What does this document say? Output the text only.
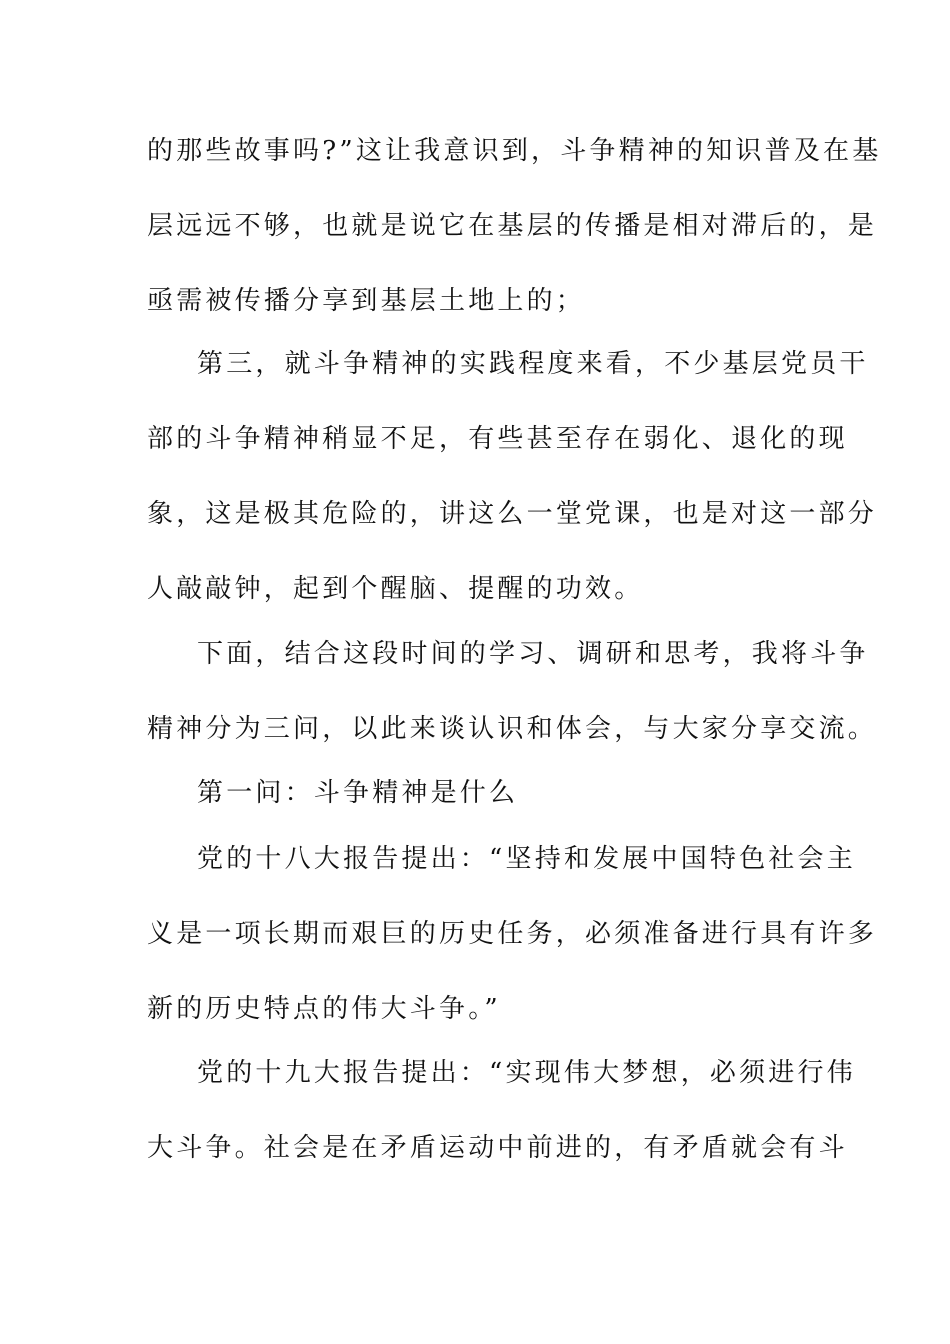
的那些故事吗?”这让我意识到，斗争精神的知识普及在基
层远远不够，也就是说它在基层的传播是相对滞后的，是
亟需被传播分享到基层土地上的；
第三，就斗争精神的实践程度来看，不少基层党员干
部的斗争精神稍显不足，有些甚至存在弱化、退化的现
象，这是极其危险的，讲这么一堂党课，也是对这一部分
人敲敲钟，起到个醒脑、提醒的功效。
下面，结合这段时间的学习、调研和思考，我将斗争
精神分为三问，以此来谈认识和体会，与大家分享交流。
第一问：斗争精神是什么
党的十八大报告提出：“坚持和发展中国特色社会主
义是一项长期而艰巨的历史任务，必须准备进行具有许多
新的历史特点的伟大斗争。”
党的十九大报告提出：“实现伟大梦想，必须进行伟
大斗争。社会是在矛盾运动中前进的，有矛盾就会有斗
